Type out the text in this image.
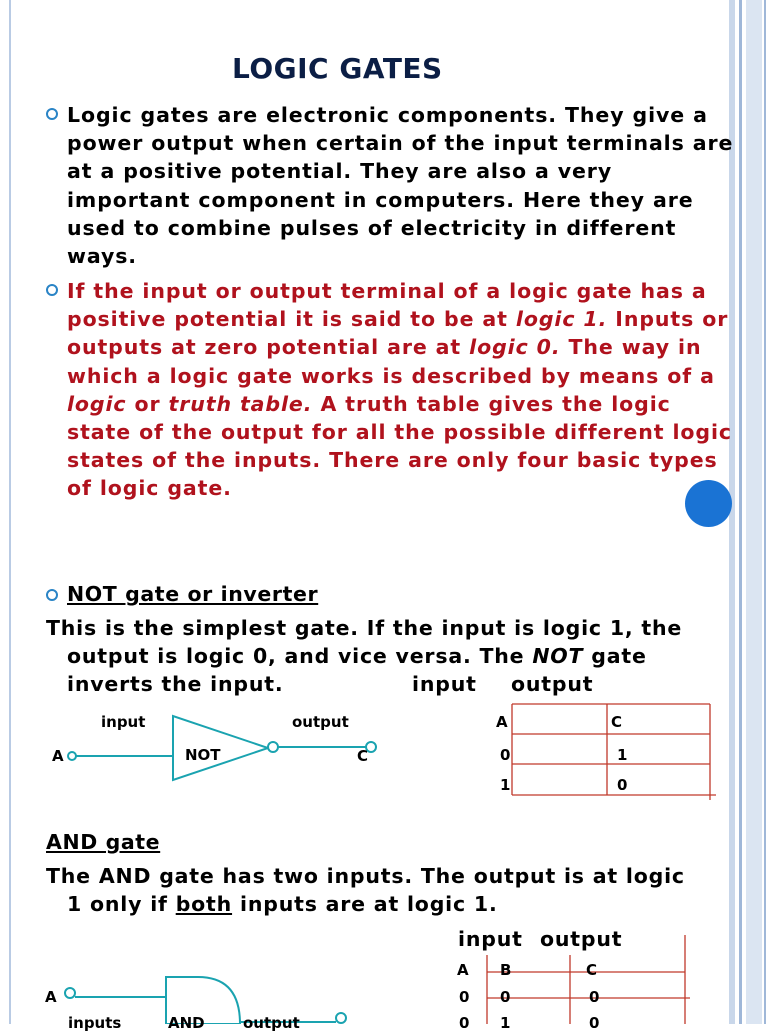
LOGIC GATES
Logic gates are electronic components. They give a
power output when certain of the input terminals are
at a positive potential. They are also a very
important component in computers. Here they are
used to combine pulses of electricity in different
ways.
If the input or output terminal of a logic gate has a
positive potential it is said to be at logic 1. Inputs or
outputs at zero potential are at logic 0. The way in
which a logic gate works is described by means of a
logic or truth table. A truth table gives the logic
state of the output for all the possible different logic
states of the inputs. There are only four basic types
of logic gate.
NOT gate or inverter
This is the simplest gate. If the input is logic 1, the
output is logic 0, and vice versa. The NOT gate
inverts the input.	input output
input	output
A	NOT	C
A	C
0	1
1	0
AND gate
The AND gate has two inputs. The output is at logic
1 only if both inputs are at logic 1.
input output
A B	C
0 0	0
0 1	0
A
inputs	AND	output
